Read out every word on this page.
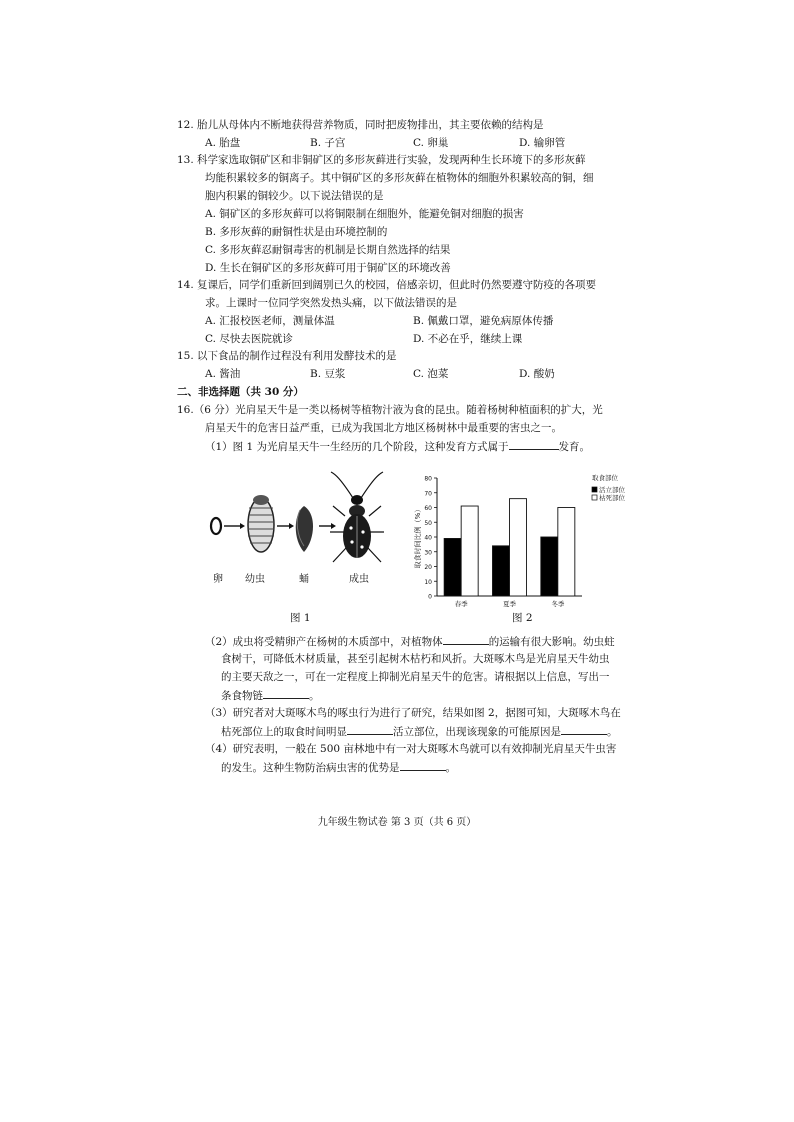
12. 胎儿从母体内不断地获得营养物质，同时把废物排出，其主要依赖的结构是
A. 胎盘	B. 子宫	C. 卵巢	D. 输卵管
13. 科学家选取铜矿区和非铜矿区的多形灰藓进行实验，发现两种生长环境下的多形灰藓
均能积累较多的铜离子。其中铜矿区的多形灰藓在植物体的细胞外积累较高的铜，细
胞内积累的铜较少。以下说法错误的是
A. 铜矿区的多形灰藓可以将铜限制在细胞外，能避免铜对细胞的损害
B. 多形灰藓的耐铜性状是由环境控制的
C. 多形灰藓忍耐铜毒害的机制是长期自然选择的结果
D. 生长在铜矿区的多形灰藓可用于铜矿区的环境改善
14. 复课后，同学们重新回到阔别已久的校园，倍感亲切，但此时仍然要遵守防疫的各项要
求。上课时一位同学突然发热头痛，以下做法错误的是
A. 汇报校医老师，测量体温	B. 佩戴口罩，避免病原体传播
C. 尽快去医院就诊	D. 不必在乎，继续上课
15. 以下食品的制作过程没有利用发酵技术的是
A. 酱油	B. 豆浆	C. 泡菜	D. 酸奶
二、非选择题（共 30 分）
16.（6 分）光肩星天牛是一类以杨树等植物汁液为食的昆虫。随着杨树种植面积的扩大，光
肩星天牛的危害日益严重，已成为我国北方地区杨树林中最重要的害虫之一。
（1）图 1 为光肩星天牛一生经历的几个阶段，这种发育方式属于	发育。
卵 幼虫	蛹	成虫
图 1
0
10
20
30
40
50
60
70
80
取食时间比例（%）
春季	夏季	冬季
取食部位
活立部位
枯死部位
图 2
（2）成虫将受精卵产在杨树的木质部中，对植物体	的运输有很大影响。幼虫蛀
食树干，可降低木材质量，甚至引起树木枯朽和风折。大斑啄木鸟是光肩星天牛幼虫
的主要天敌之一，可在一定程度上抑制光肩星天牛的危害。请根据以上信息，写出一
条食物链	。
（3）研究者对大斑啄木鸟的啄虫行为进行了研究，结果如图 2，据图可知，大斑啄木鸟在
枯死部位上的取食时间明显	活立部位，出现该现象的可能原因是	。
（4）研究表明，一般在 500 亩林地中有一对大斑啄木鸟就可以有效抑制光肩星天牛虫害
的发生。这种生物防治病虫害的优势是	。
九年级生物试卷 第 3 页（共 6 页）
